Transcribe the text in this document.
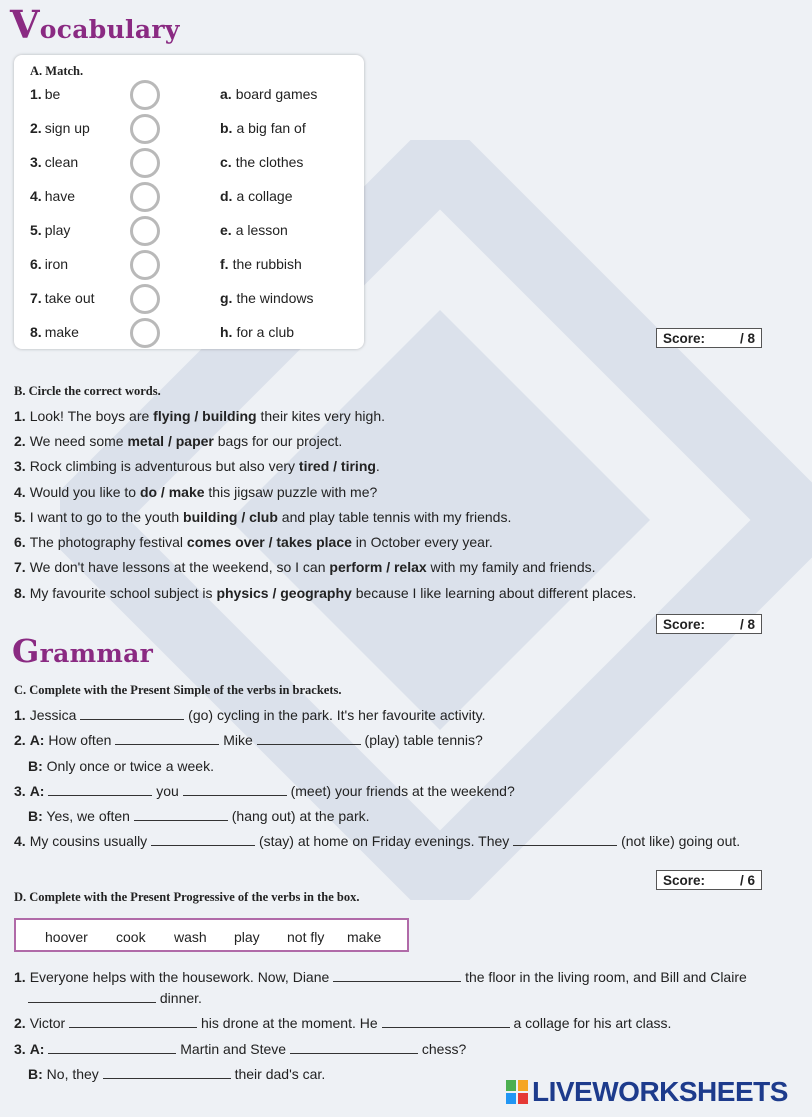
Vocabulary
A. Match.
1. be	a. board games
2. sign up	b. a big fan of
3. clean	c. the clothes
4. have	d. a collage
5. play	e. a lesson
6. iron	f. the rubbish
7. take out	g. the windows
8. make	h. for a club	Score:	/ 8
B. Circle the correct words.
1. Look! The boys are flying / building their kites very high.
2. We need some metal / paper bags for our project.
3. Rock climbing is adventurous but also very tired / tiring.
4. Would you like to do / make this jigsaw puzzle with me?
5. I want to go to the youth building / club and play table tennis with my friends.
6. The photography festival comes over / takes place in October every year.
7. We don't have lessons at the weekend, so I can perform / relax with my family and friends.
8. My favourite school subject is physics / geography because I like learning about different places.
Score:	/ 8
Grammar
C. Complete with the Present Simple of the verbs in brackets.
1. Jessica	(go) cycling in the park. It's her favourite activity.
2. A: How often	Mike	(play) table tennis?
B: Only once or twice a week.
3. A:	you	(meet) your friends at the weekend?
B: Yes, we often	(hang out) at the park.
4. My cousins usually	(stay) at home on Friday evenings. They	(not like) going out.
Score:	/ 6
D. Complete with the Present Progressive of the verbs in the box.
hoover cook wash play not fly make
1. Everyone helps with the housework. Now, Diane	the floor in the living room, and Bill and Claire
dinner.
2. Victor	his drone at the moment. He	a collage for his art class.
3. A:	Martin and Steve	chess?
B: No, they	their dad's car.
LIVEWORKSHEETS
